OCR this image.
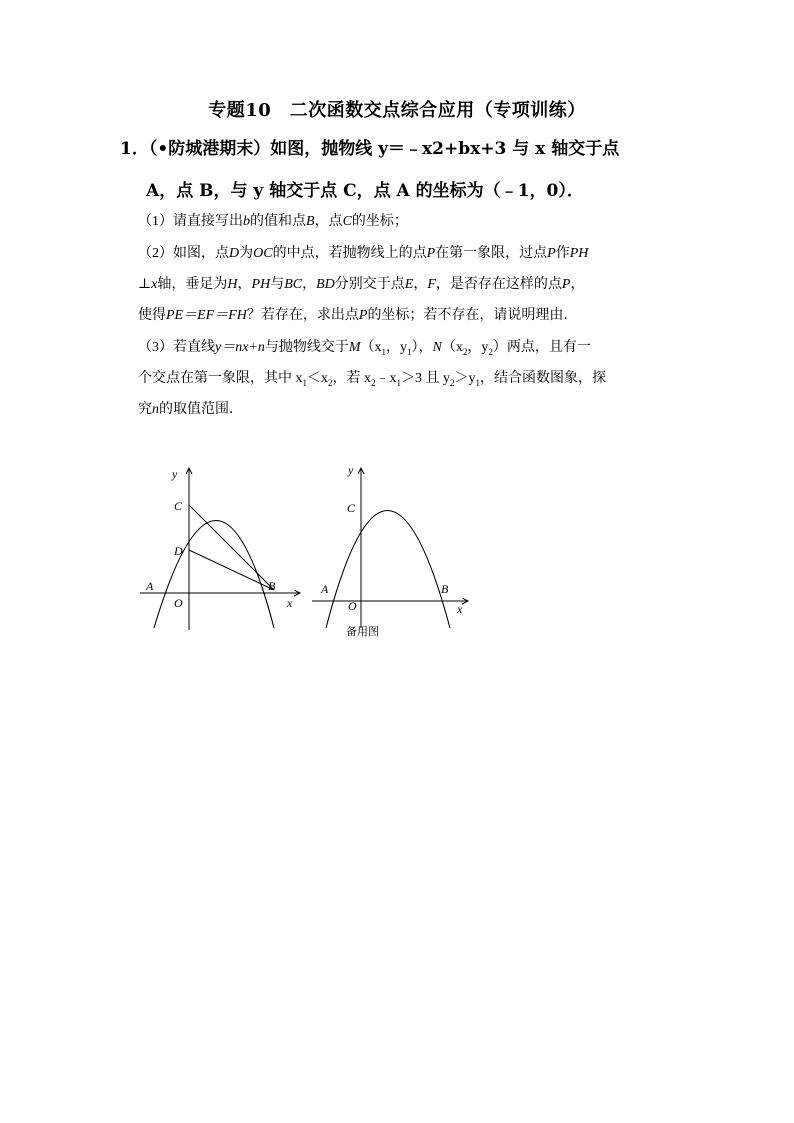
专题10　二次函数交点综合应用（专项训练）
1．（•防城港期末）如图，抛物线 y＝﹣x2+bx+3 与 x 轴交于点
A，点 B，与 y 轴交于点 C，点 A 的坐标为（﹣1，0）．
（1）请直接写出b的值和点B，点C的坐标；
（2）如图，点D为OC的中点，若抛物线上的点P在第一象限，过点P作PH
⊥x轴，垂足为H，PH与BC，BD分别交于点E，F，是否存在这样的点P，
使得PE＝EF＝FH？若存在，求出点P的坐标；若不存在，请说明理由．
（3）若直线y＝nx+n与抛物线交于$M(x_1$，$y_1$），$N(x_2$，$y_2$）两点，且有一
个交点在第一象限，其中 $x_1<x_2$，若 $x_2﹣x_1>3$ 且 $y_2>y_1$，结合函数图象，探
究n的取值范围．
y
x
C
D
A
O
B
y
x
C
A
O
B
备用图
